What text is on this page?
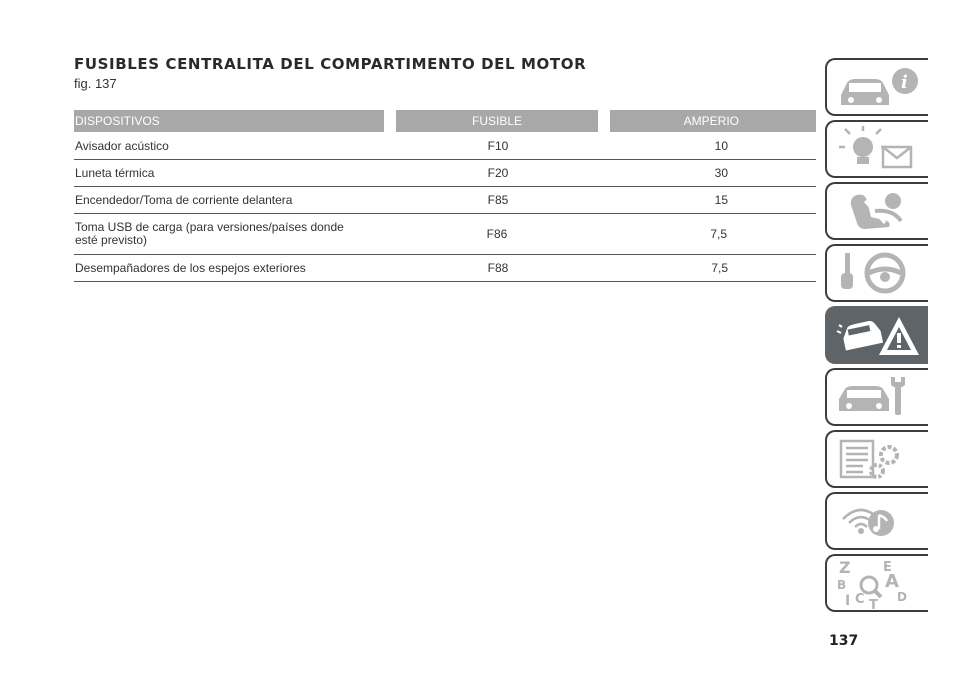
FUSIBLES CENTRALITA DEL COMPARTIMENTO DEL MOTOR
fig. 137
DISPOSITIVOS	FUSIBLE	AMPERIO
Avisador acústico	F10	10
Luneta térmica	F20	30
Encendedor/Toma de corriente delantera	F85	15
Toma USB de carga (para versiones/países donde esté previsto)	F86	7,5
Desempañadores de los espejos exteriores	F88	7,5
i
Z E
B A
I C T
D
137
